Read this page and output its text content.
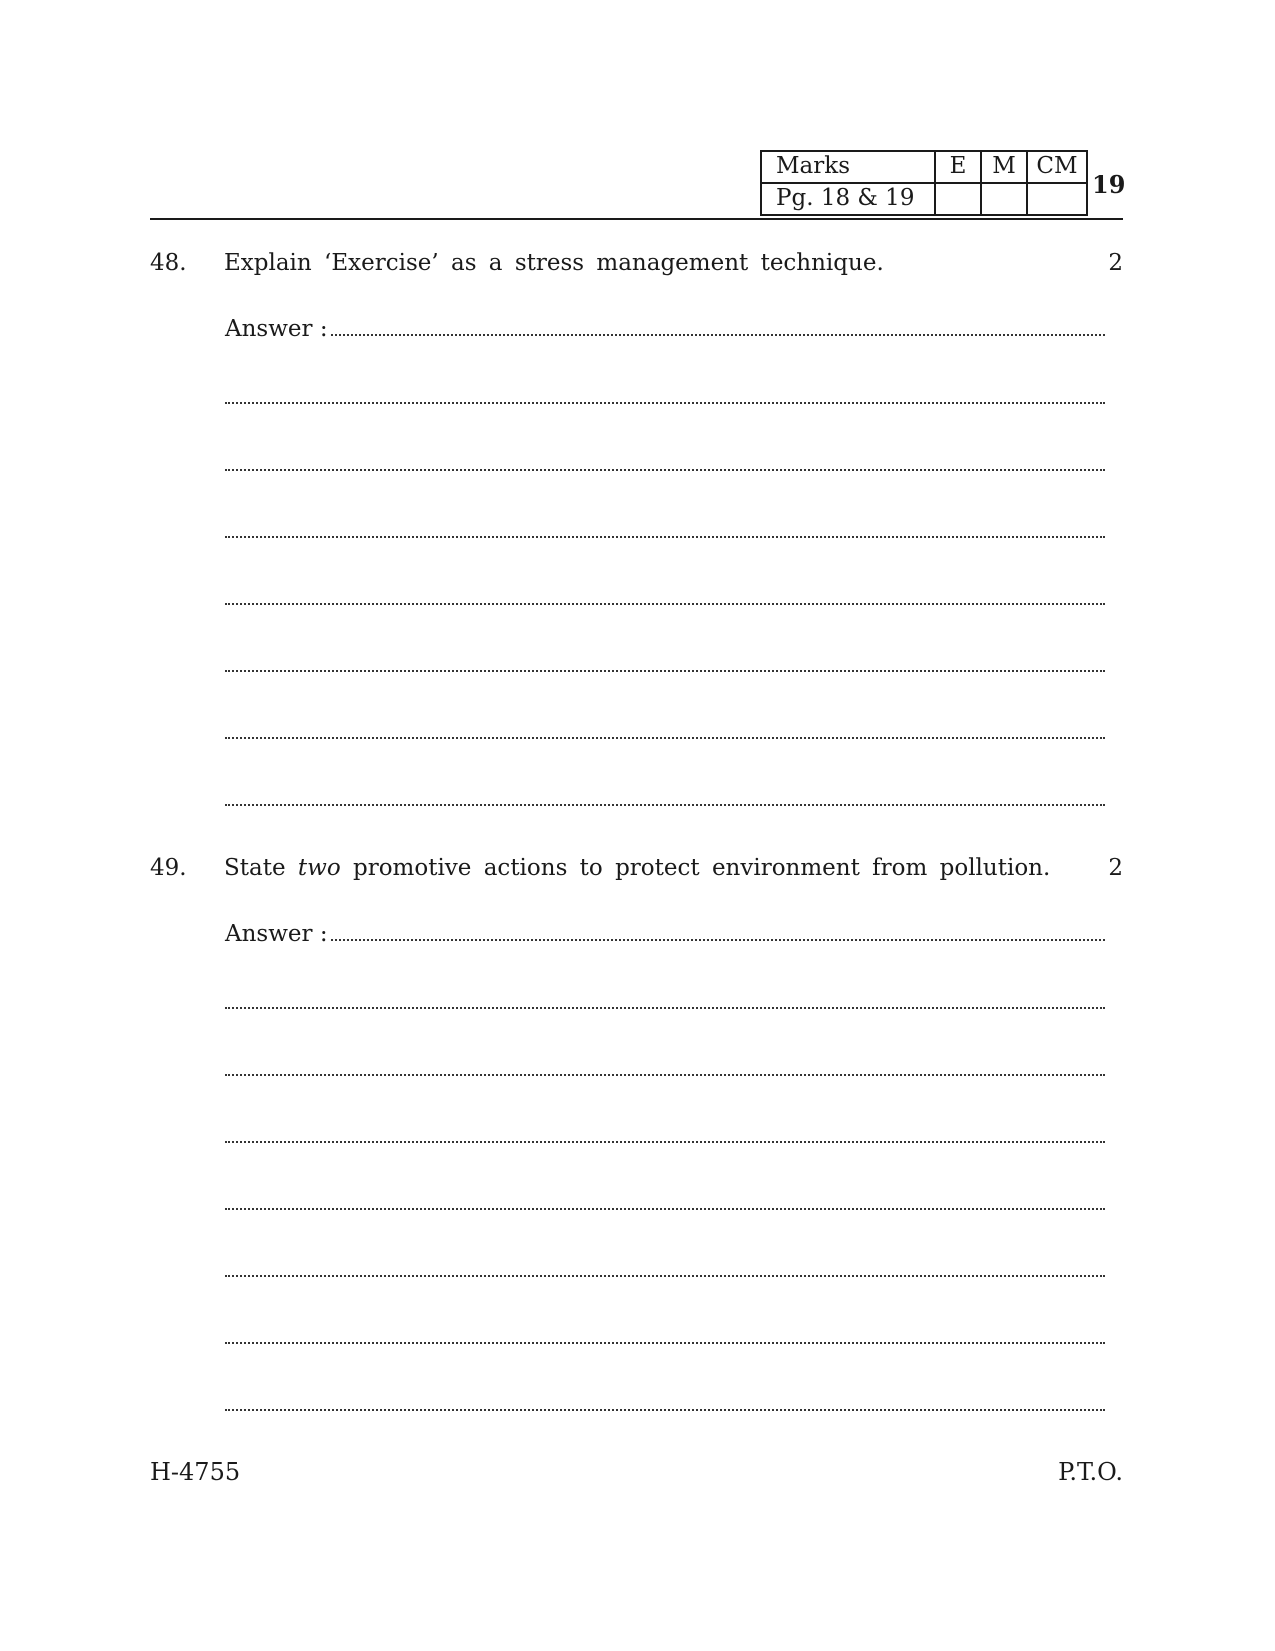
Marks	E	M	CM
Pg. 18 & 19				19
48. Explain ‘Exercise’ as a stress management technique.	2
Answer :
49. State two promotive actions to protect environment from pollution.	2
Answer :
H-4755	P.T.O.
